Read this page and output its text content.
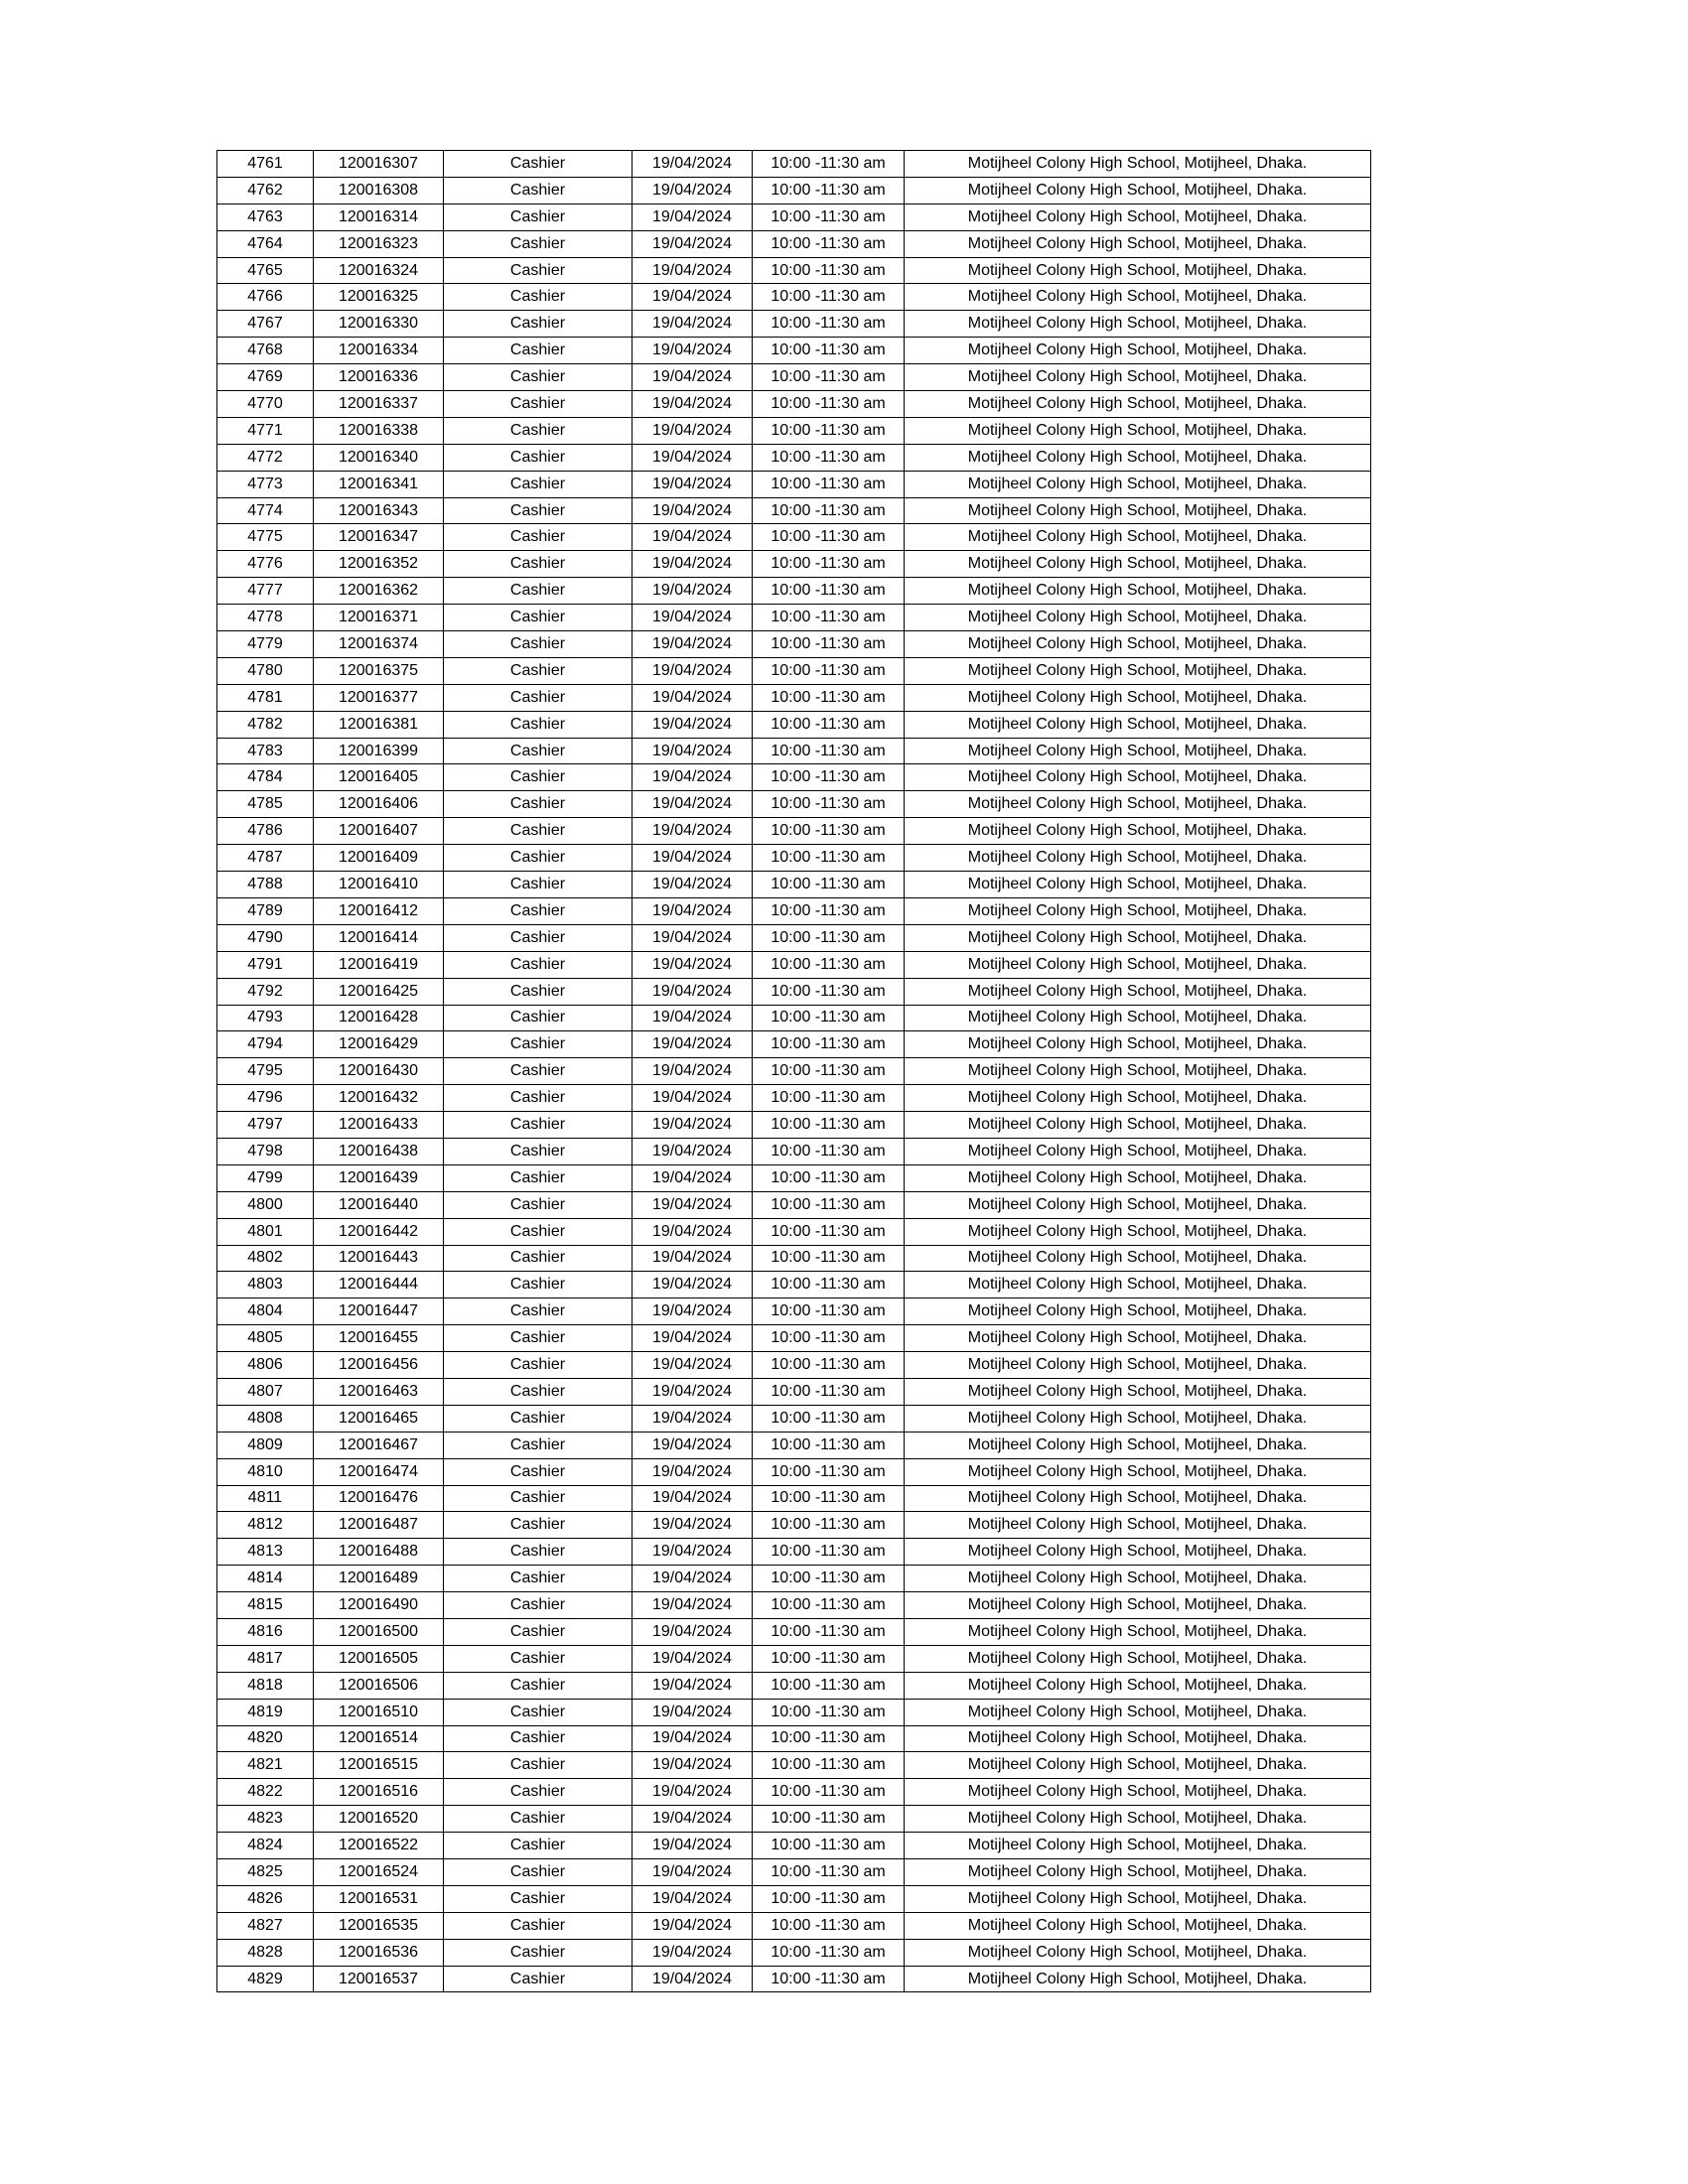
4761	120016307	Cashier	19/04/2024	10:00 -11:30 am	Motijheel Colony High School, Motijheel, Dhaka.
4762	120016308	Cashier	19/04/2024	10:00 -11:30 am	Motijheel Colony High School, Motijheel, Dhaka.
4763	120016314	Cashier	19/04/2024	10:00 -11:30 am	Motijheel Colony High School, Motijheel, Dhaka.
4764	120016323	Cashier	19/04/2024	10:00 -11:30 am	Motijheel Colony High School, Motijheel, Dhaka.
4765	120016324	Cashier	19/04/2024	10:00 -11:30 am	Motijheel Colony High School, Motijheel, Dhaka.
4766	120016325	Cashier	19/04/2024	10:00 -11:30 am	Motijheel Colony High School, Motijheel, Dhaka.
4767	120016330	Cashier	19/04/2024	10:00 -11:30 am	Motijheel Colony High School, Motijheel, Dhaka.
4768	120016334	Cashier	19/04/2024	10:00 -11:30 am	Motijheel Colony High School, Motijheel, Dhaka.
4769	120016336	Cashier	19/04/2024	10:00 -11:30 am	Motijheel Colony High School, Motijheel, Dhaka.
4770	120016337	Cashier	19/04/2024	10:00 -11:30 am	Motijheel Colony High School, Motijheel, Dhaka.
4771	120016338	Cashier	19/04/2024	10:00 -11:30 am	Motijheel Colony High School, Motijheel, Dhaka.
4772	120016340	Cashier	19/04/2024	10:00 -11:30 am	Motijheel Colony High School, Motijheel, Dhaka.
4773	120016341	Cashier	19/04/2024	10:00 -11:30 am	Motijheel Colony High School, Motijheel, Dhaka.
4774	120016343	Cashier	19/04/2024	10:00 -11:30 am	Motijheel Colony High School, Motijheel, Dhaka.
4775	120016347	Cashier	19/04/2024	10:00 -11:30 am	Motijheel Colony High School, Motijheel, Dhaka.
4776	120016352	Cashier	19/04/2024	10:00 -11:30 am	Motijheel Colony High School, Motijheel, Dhaka.
4777	120016362	Cashier	19/04/2024	10:00 -11:30 am	Motijheel Colony High School, Motijheel, Dhaka.
4778	120016371	Cashier	19/04/2024	10:00 -11:30 am	Motijheel Colony High School, Motijheel, Dhaka.
4779	120016374	Cashier	19/04/2024	10:00 -11:30 am	Motijheel Colony High School, Motijheel, Dhaka.
4780	120016375	Cashier	19/04/2024	10:00 -11:30 am	Motijheel Colony High School, Motijheel, Dhaka.
4781	120016377	Cashier	19/04/2024	10:00 -11:30 am	Motijheel Colony High School, Motijheel, Dhaka.
4782	120016381	Cashier	19/04/2024	10:00 -11:30 am	Motijheel Colony High School, Motijheel, Dhaka.
4783	120016399	Cashier	19/04/2024	10:00 -11:30 am	Motijheel Colony High School, Motijheel, Dhaka.
4784	120016405	Cashier	19/04/2024	10:00 -11:30 am	Motijheel Colony High School, Motijheel, Dhaka.
4785	120016406	Cashier	19/04/2024	10:00 -11:30 am	Motijheel Colony High School, Motijheel, Dhaka.
4786	120016407	Cashier	19/04/2024	10:00 -11:30 am	Motijheel Colony High School, Motijheel, Dhaka.
4787	120016409	Cashier	19/04/2024	10:00 -11:30 am	Motijheel Colony High School, Motijheel, Dhaka.
4788	120016410	Cashier	19/04/2024	10:00 -11:30 am	Motijheel Colony High School, Motijheel, Dhaka.
4789	120016412	Cashier	19/04/2024	10:00 -11:30 am	Motijheel Colony High School, Motijheel, Dhaka.
4790	120016414	Cashier	19/04/2024	10:00 -11:30 am	Motijheel Colony High School, Motijheel, Dhaka.
4791	120016419	Cashier	19/04/2024	10:00 -11:30 am	Motijheel Colony High School, Motijheel, Dhaka.
4792	120016425	Cashier	19/04/2024	10:00 -11:30 am	Motijheel Colony High School, Motijheel, Dhaka.
4793	120016428	Cashier	19/04/2024	10:00 -11:30 am	Motijheel Colony High School, Motijheel, Dhaka.
4794	120016429	Cashier	19/04/2024	10:00 -11:30 am	Motijheel Colony High School, Motijheel, Dhaka.
4795	120016430	Cashier	19/04/2024	10:00 -11:30 am	Motijheel Colony High School, Motijheel, Dhaka.
4796	120016432	Cashier	19/04/2024	10:00 -11:30 am	Motijheel Colony High School, Motijheel, Dhaka.
4797	120016433	Cashier	19/04/2024	10:00 -11:30 am	Motijheel Colony High School, Motijheel, Dhaka.
4798	120016438	Cashier	19/04/2024	10:00 -11:30 am	Motijheel Colony High School, Motijheel, Dhaka.
4799	120016439	Cashier	19/04/2024	10:00 -11:30 am	Motijheel Colony High School, Motijheel, Dhaka.
4800	120016440	Cashier	19/04/2024	10:00 -11:30 am	Motijheel Colony High School, Motijheel, Dhaka.
4801	120016442	Cashier	19/04/2024	10:00 -11:30 am	Motijheel Colony High School, Motijheel, Dhaka.
4802	120016443	Cashier	19/04/2024	10:00 -11:30 am	Motijheel Colony High School, Motijheel, Dhaka.
4803	120016444	Cashier	19/04/2024	10:00 -11:30 am	Motijheel Colony High School, Motijheel, Dhaka.
4804	120016447	Cashier	19/04/2024	10:00 -11:30 am	Motijheel Colony High School, Motijheel, Dhaka.
4805	120016455	Cashier	19/04/2024	10:00 -11:30 am	Motijheel Colony High School, Motijheel, Dhaka.
4806	120016456	Cashier	19/04/2024	10:00 -11:30 am	Motijheel Colony High School, Motijheel, Dhaka.
4807	120016463	Cashier	19/04/2024	10:00 -11:30 am	Motijheel Colony High School, Motijheel, Dhaka.
4808	120016465	Cashier	19/04/2024	10:00 -11:30 am	Motijheel Colony High School, Motijheel, Dhaka.
4809	120016467	Cashier	19/04/2024	10:00 -11:30 am	Motijheel Colony High School, Motijheel, Dhaka.
4810	120016474	Cashier	19/04/2024	10:00 -11:30 am	Motijheel Colony High School, Motijheel, Dhaka.
4811	120016476	Cashier	19/04/2024	10:00 -11:30 am	Motijheel Colony High School, Motijheel, Dhaka.
4812	120016487	Cashier	19/04/2024	10:00 -11:30 am	Motijheel Colony High School, Motijheel, Dhaka.
4813	120016488	Cashier	19/04/2024	10:00 -11:30 am	Motijheel Colony High School, Motijheel, Dhaka.
4814	120016489	Cashier	19/04/2024	10:00 -11:30 am	Motijheel Colony High School, Motijheel, Dhaka.
4815	120016490	Cashier	19/04/2024	10:00 -11:30 am	Motijheel Colony High School, Motijheel, Dhaka.
4816	120016500	Cashier	19/04/2024	10:00 -11:30 am	Motijheel Colony High School, Motijheel, Dhaka.
4817	120016505	Cashier	19/04/2024	10:00 -11:30 am	Motijheel Colony High School, Motijheel, Dhaka.
4818	120016506	Cashier	19/04/2024	10:00 -11:30 am	Motijheel Colony High School, Motijheel, Dhaka.
4819	120016510	Cashier	19/04/2024	10:00 -11:30 am	Motijheel Colony High School, Motijheel, Dhaka.
4820	120016514	Cashier	19/04/2024	10:00 -11:30 am	Motijheel Colony High School, Motijheel, Dhaka.
4821	120016515	Cashier	19/04/2024	10:00 -11:30 am	Motijheel Colony High School, Motijheel, Dhaka.
4822	120016516	Cashier	19/04/2024	10:00 -11:30 am	Motijheel Colony High School, Motijheel, Dhaka.
4823	120016520	Cashier	19/04/2024	10:00 -11:30 am	Motijheel Colony High School, Motijheel, Dhaka.
4824	120016522	Cashier	19/04/2024	10:00 -11:30 am	Motijheel Colony High School, Motijheel, Dhaka.
4825	120016524	Cashier	19/04/2024	10:00 -11:30 am	Motijheel Colony High School, Motijheel, Dhaka.
4826	120016531	Cashier	19/04/2024	10:00 -11:30 am	Motijheel Colony High School, Motijheel, Dhaka.
4827	120016535	Cashier	19/04/2024	10:00 -11:30 am	Motijheel Colony High School, Motijheel, Dhaka.
4828	120016536	Cashier	19/04/2024	10:00 -11:30 am	Motijheel Colony High School, Motijheel, Dhaka.
4829	120016537	Cashier	19/04/2024	10:00 -11:30 am	Motijheel Colony High School, Motijheel, Dhaka.
